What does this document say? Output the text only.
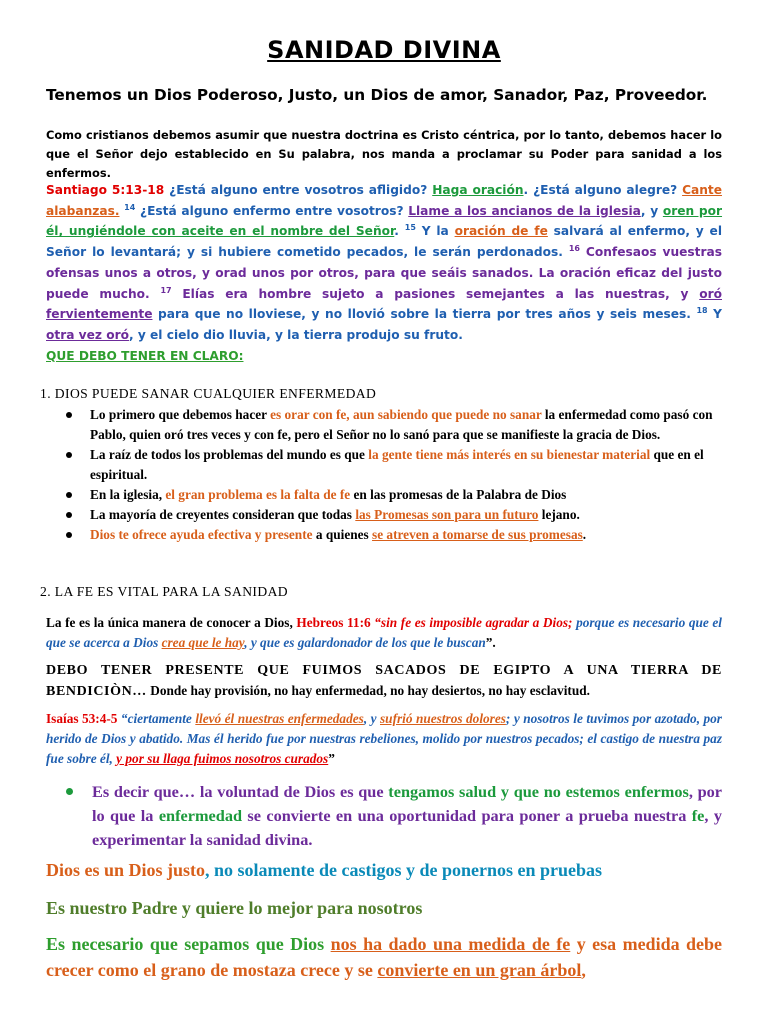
SANIDAD DIVINA
Tenemos un Dios Poderoso, Justo, un Dios de amor, Sanador, Paz, Proveedor.
Como cristianos debemos asumir que nuestra doctrina es Cristo céntrica, por lo tanto, debemos hacer lo que el Señor dejo establecido en Su palabra, nos manda a proclamar su Poder para sanidad a los enfermos.
Santiago 5:13-18 ¿Está alguno entre vosotros afligido? Haga oración. ¿Está alguno alegre? Cante alabanzas. $^{14}$ ¿Está alguno enfermo entre vosotros? Llame a los ancianos de la iglesia, y oren por él, ungiéndole con aceite en el nombre del Señor. $^{15}$ Y la oración de fe salvará al enfermo, y el Señor lo levantará; y si hubiere cometido pecados, le serán perdonados. $^{16}$ Confesaos vuestras ofensas unos a otros, y orad unos por otros, para que seáis sanados. La oración eficaz del justo puede mucho. $^{17}$ Elías era hombre sujeto a pasiones semejantes a las nuestras, y oró fervientemente para que no lloviese, y no llovió sobre la tierra por tres años y seis meses. $^{18}$ Y otra vez oró, y el cielo dio lluvia, y la tierra produjo su fruto.
QUE DEBO TENER EN CLARO:
1. DIOS PUEDE SANAR CUALQUIER ENFERMEDAD
Lo primero que debemos hacer es orar con fe, aun sabiendo que puede no sanar la enfermedad como pasó con Pablo, quien oró tres veces y con fe, pero el Señor no lo sanó para que se manifieste la gracia de Dios.
La raíz de todos los problemas del mundo es que la gente tiene más interés en su bienestar material que en el espiritual.
En la iglesia, el gran problema es la falta de fe en las promesas de la Palabra de Dios
La mayoría de creyentes consideran que todas las Promesas son para un futuro lejano.
Dios te ofrece ayuda efectiva y presente a quienes se atreven a tomarse de sus promesas.
2. LA FE ES VITAL PARA LA SANIDAD
La fe es la única manera de conocer a Dios, Hebreos 11:6 “sin fe es imposible agradar a Dios; porque es necesario que el que se acerca a Dios crea que le hay, y que es galardonador de los que le buscan”.
DEBO TENER PRESENTE QUE FUIMOS SACADOS DE EGIPTO A UNA TIERRA DE BENDICIÒN… Donde hay provisión, no hay enfermedad, no hay desiertos, no hay esclavitud.
Isaías 53:4-5 “ciertamente llevó él nuestras enfermedades, y sufrió nuestros dolores; y nosotros le tuvimos por azotado, por herido de Dios y abatido. Mas él herido fue por nuestras rebeliones, molido por nuestros pecados; el castigo de nuestra paz fue sobre él, y por su llaga fuimos nosotros curados”
Es decir que… la voluntad de Dios es que tengamos salud y que no estemos enfermos, por lo que la enfermedad se convierte en una oportunidad para poner a prueba nuestra fe, y experimentar la sanidad divina.
Dios es un Dios justo, no solamente de castigos y de ponernos en pruebas
Es nuestro Padre y quiere lo mejor para nosotros
Es necesario que sepamos que Dios nos ha dado una medida de fe y esa medida debe crecer como el grano de mostaza crece y se convierte en un gran árbol,
